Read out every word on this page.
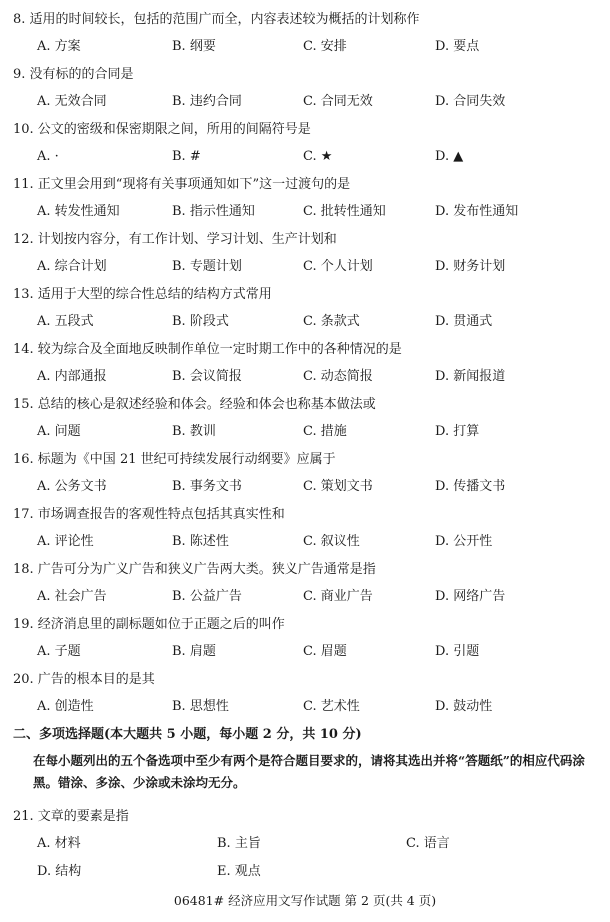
8. 适用的时间较长，包括的范围广而全，内容表述较为概括的计划称作
A. 方案	B. 纲要	C. 安排	D. 要点
9. 没有标的的合同是
A. 无效合同	B. 违约合同	C. 合同无效	D. 合同失效
10. 公文的密级和保密期限之间，所用的间隔符号是
A. ·	B. #	C. ★	D. ▲
11. 正文里会用到“现将有关事项通知如下”这一过渡句的是
A. 转发性通知	B. 指示性通知	C. 批转性通知	D. 发布性通知
12. 计划按内容分，有工作计划、学习计划、生产计划和
A. 综合计划	B. 专题计划	C. 个人计划	D. 财务计划
13. 适用于大型的综合性总结的结构方式常用
A. 五段式	B. 阶段式	C. 条款式	D. 贯通式
14. 较为综合及全面地反映制作单位一定时期工作中的各种情况的是
A. 内部通报	B. 会议简报	C. 动态简报	D. 新闻报道
15. 总结的核心是叙述经验和体会。经验和体会也称基本做法或
A. 问题	B. 教训	C. 措施	D. 打算
16. 标题为《中国 21 世纪可持续发展行动纲要》应属于
A. 公务文书	B. 事务文书	C. 策划文书	D. 传播文书
17. 市场调查报告的客观性特点包括其真实性和
A. 评论性	B. 陈述性	C. 叙议性	D. 公开性
18. 广告可分为广义广告和狭义广告两大类。狭义广告通常是指
A. 社会广告	B. 公益广告	C. 商业广告	D. 网络广告
19. 经济消息里的副标题如位于正题之后的叫作
A. 子题	B. 肩题	C. 眉题	D. 引题
20. 广告的根本目的是其
A. 创造性	B. 思想性	C. 艺术性	D. 鼓动性
二、多项选择题(本大题共 5 小题，每小题 2 分，共 10 分)
在每小题列出的五个备选项中至少有两个是符合题目要求的，请将其选出并将“答题纸”的相应代码涂黑。错涂、多涂、少涂或未涂均无分。
21. 文章的要素是指
A. 材料	B. 主旨	C. 语言
D. 结构	E. 观点
06481# 经济应用文写作试题 第 2 页(共 4 页)
